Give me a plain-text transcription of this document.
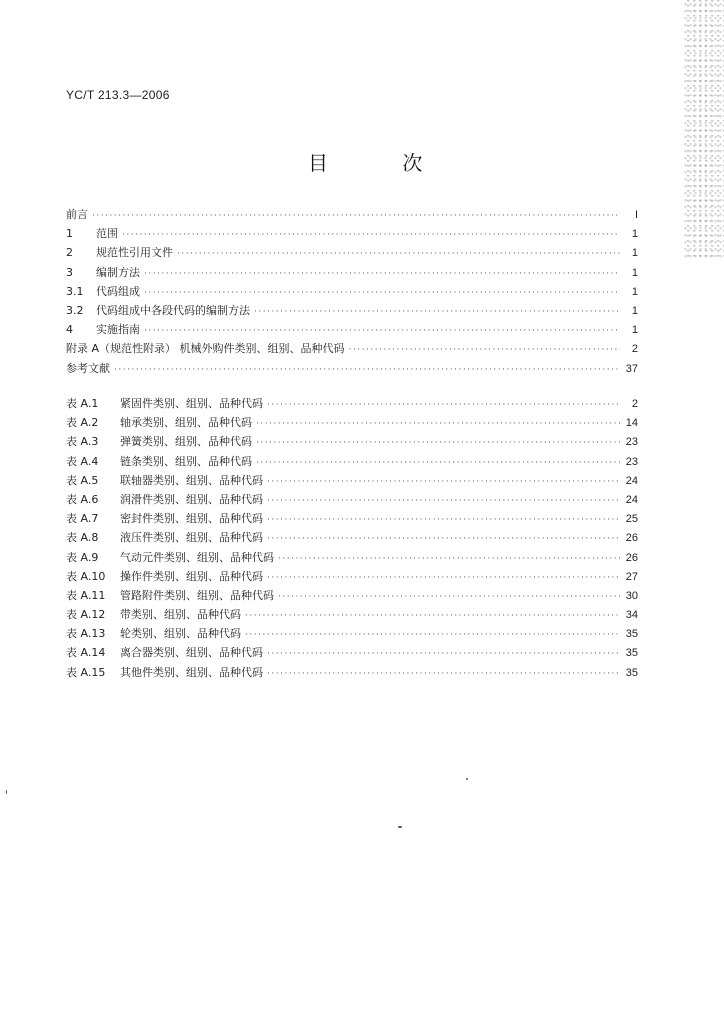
YC/T 213.3—2006
目 次
前言 ·····	I
1	范围 ·····	1
2	规范性引用文件 ·····	1
3	编制方法 ·····	1
3.1	代码组成 ·····	1
3.2	代码组成中各段代码的编制方法 ·····	1
4	实施指南 ·····	1
附录 A（规范性附录） 机械外购件类别、组别、品种代码 ·····	2
参考文献 ·····	37
表 A.1	紧固件类别、组别、品种代码 ·····	2
表 A.2	轴承类别、组别、品种代码 ·····	14
表 A.3	弹簧类别、组别、品种代码 ·····	23
表 A.4	链条类别、组别、品种代码 ·····	23
表 A.5	联轴器类别、组别、品种代码 ·····	24
表 A.6	润滑件类别、组别、品种代码 ·····	24
表 A.7	密封件类别、组别、品种代码 ·····	25
表 A.8	液压件类别、组别、品种代码 ·····	26
表 A.9	气动元件类别、组别、品种代码 ·····	26
表 A.10	操作件类别、组别、品种代码 ·····	27
表 A.11	管路附件类别、组别、品种代码 ·····	30
表 A.12	带类别、组别、品种代码 ·····	34
表 A.13	轮类别、组别、品种代码 ·····	35
表 A.14	离合器类别、组别、品种代码 ·····	35
表 A.15	其他件类别、组别、品种代码 ·····	35
